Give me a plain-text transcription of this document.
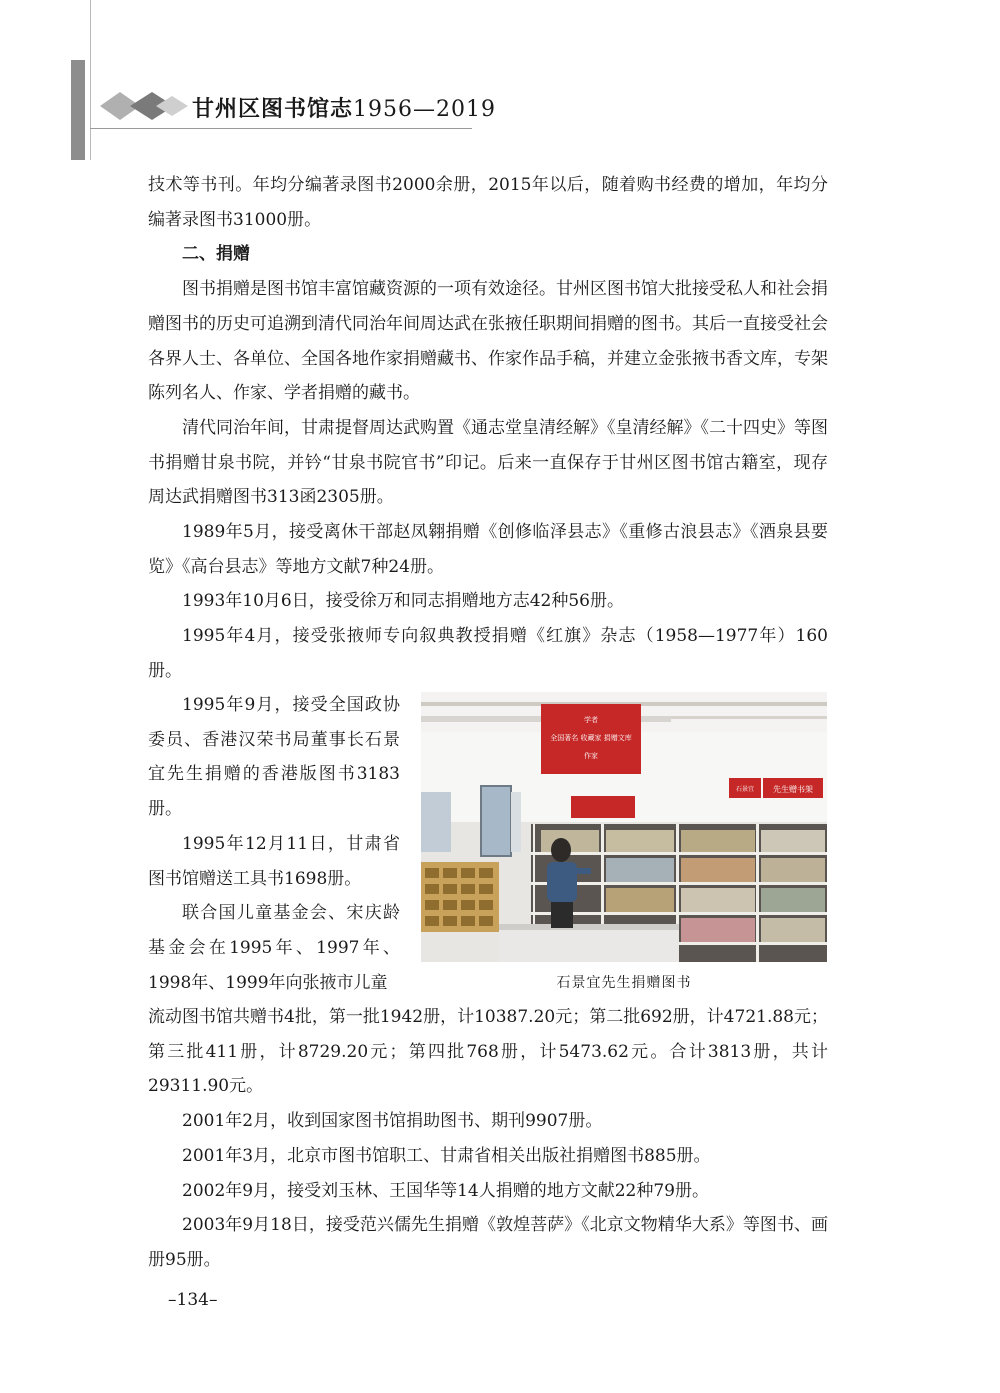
甘州区图书馆志1956—2019

技术等书刊。年均分编著录图书2000余册，2015年以后，随着购书经费的增加，年均分编著录图书31000册。

二、捐赠

图书捐赠是图书馆丰富馆藏资源的一项有效途径。甘州区图书馆大批接受私人和社会捐赠图书的历史可追溯到清代同治年间周达武在张掖任职期间捐赠的图书。其后一直接受社会各界人士、各单位、全国各地作家捐赠藏书、作家作品手稿，并建立金张掖书香文库，专架陈列名人、作家、学者捐赠的藏书。

清代同治年间，甘肃提督周达武购置《通志堂皇清经解》《皇清经解》《二十四史》等图书捐赠甘泉书院，并钤“甘泉书院官书”印记。后来一直保存于甘州区图书馆古籍室，现存周达武捐赠图书313函2305册。

1989年5月，接受离休干部赵凤翱捐赠《创修临泽县志》《重修古浪县志》《酒泉县要览》《高台县志》等地方文献7种24册。

1993年10月6日，接受徐万和同志捐赠地方志42种56册。

1995年4月，接受张掖师专向叙典教授捐赠《红旗》杂志（1958—1977年）160册。

1995年9月，接受全国政协委员、香港汉荣书局董事长石景宜先生捐赠的香港版图书3183册。

1995年12月11日，甘肃省图书馆赠送工具书1698册。

联合国儿童基金会、宋庆龄基金会在1995年、1997年、1998年、1999年向张掖市儿童

学者
全国著名 收藏家 捐赠文库
作家
石景宜 先生赠书架
石景宜先生捐赠图书

流动图书馆共赠书4批，第一批1942册，计10387.20元；第二批692册，计4721.88元；第三批411册，计8729.20元；第四批768册，计5473.62元。合计3813册，共计29311.90元。

2001年2月，收到国家图书馆捐助图书、期刊9907册。

2001年3月，北京市图书馆职工、甘肃省相关出版社捐赠图书885册。

2002年9月，接受刘玉林、王国华等14人捐赠的地方文献22种79册。

2003年9月18日，接受范兴儒先生捐赠《敦煌菩萨》《北京文物精华大系》等图书、画册95册。

–134–
